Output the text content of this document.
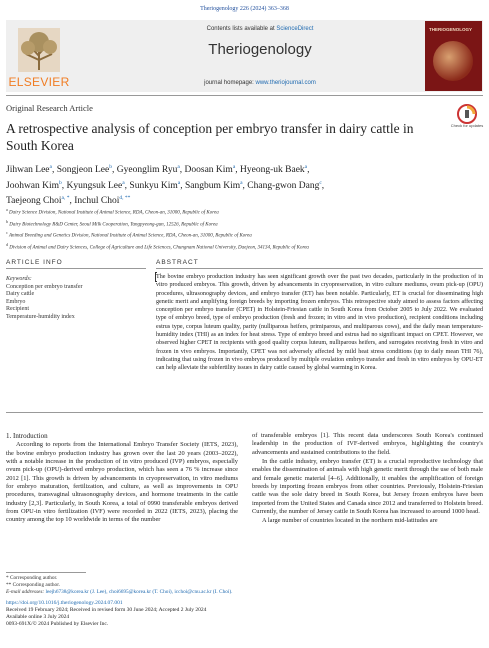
Theriogenology 226 (2024) 363–368
ELSEVIER
Contents lists available at ScienceDirect
Theriogenology
journal homepage: www.theriojournal.com
THERIOGENOLOGY
Original Research Article
Check for updates
A retrospective analysis of conception per embryo transfer in dairy cattle in South Korea
Jihwan Lee$^a$, Songjeon Lee$^b$, Gyeonglim Ryu$^a$, Doosan Kim$^a$, Hyeong-uk Baek$^a$,
Joohwan Kim$^b$, Kyungsuk Lee$^a$, Sunkyu Kim$^a$, Sangbum Kim$^a$, Chang-gwon Dang$^c$,
Taejeong Choi$^{a, *}$, Inchul Choi$^{d, **}$
$^a$ Dairy Science Division, National Institute of Animal Science, RDA, Cheon-an, 31000, Republic of Korea
$^b$ Dairy Biotechnology R&D Center, Seoul Milk Cooperation, Yangpyeong-gun, 12526, Republic of Korea
$^c$ Animal Breeding and Genetics Division, National Institute of Animal Science, RDA, Cheon-an, 31000, Republic of Korea
$^d$ Division of Animal and Dairy Sciences, College of Agriculture and Life Sciences, Chungnam National University, Daejeon, 34134, Republic of Korea
ARTICLE INFO	ABSTRACT
Keywords:
Conception per embryo transfer
Dairy cattle
Embryo
Recipient
Temperature-humidity index
The bovine embryo production industry has seen significant growth over the past two decades, particularly in the production of in vitro produced embryos. This growth, driven by advancements in cryopreservation, in vitro culture mediums, ovum pick-up (OPU) procedures, ultrasonography devices, and embryo transfer (ET) has been notable. Particularly, ET is crucial for disseminating high genetic merit and amplifying foreign breeds by importing frozen embryos. This retrospective study aimed to assess factors affecting conception per embryo transfer (CPET) in Holstein-Friesian cattle in South Korea from October 2005 to July 2022. We evaluated type of embryo breed, type of embryo production (fresh and frozen; in vitro and in vivo production), recipient conditions including estrus type, corpus luteum quality, parity (nulliparous heifers, primiparous, and multiparous cows), and the daily mean temperature-humidity index (THI) as an index for heat stress. Type of embryo breed and estrus had no significant impact on CPET. However, we observed higher CPET in recipients with good quality corpus luteum, nulliparous heifers, and surrogates receiving fresh in vitro and frozen in vivo embryos. Importantly, CPET was not adversely affected by mild heat stress conditions (up to daily mean THI 76), indicating that using frozen in vivo embryos produced by multiple ovulation embryo transfer and fresh in vitro embryos by OPU-ET can help alleviate the subfertility issues in dairy cattle caused by global warming in Korea.

1. Introduction

According to reports from the International Embryo Transfer Society (IETS, 2023), the bovine embryo production industry has grown over the last 20 years (2003–2022), with a notable increase in the production of in vitro produced (IVP) embryos, especially ovum pick-up (OPU)-derived embryo production, which has seen a 76 % increase since 2012 [1]. This growth is driven by advancements in cryopreservation, in vitro mediums for embryo maturation, fertilization, and culture, as well as improvements in OPU procedures, transvaginal ultrasonography devices, and hormone treatments in the cattle industry [2,3]. Particularly, in South Korea, a total of 0990 transferable embryos derived from OPU-in vitro fertilization (IVF) were recorded in 2022 (IETS, 2023), placing the country among the top 10 worldwide in terms of the number

of transferable embryos [1]. This recent data underscores South Korea's continued leadership in the production of IVF-derived embryos, highlighting the country's advancements and sustained contributions to the field.

In the cattle industry, embryo transfer (ET) is a crucial reproductive technology that enables the dissemination of animals with high genetic merit through the use of both male and female genetic material [4–6]. Additionally, it enables the amplification of foreign breeds by importing frozen embryos from other countries. Previously, Holstein-Friesian cattle was the sole dairy breed in South Korea, but Jersey frozen embryos have been imported from the United States and Canada since 2012 and transferred to Holstein breed. Currently, the number of Jersey cattle in South Korea has increased to around 1000 head.

A large number of countries located in the northern mid-latitudes are

* Corresponding author.
** Corresponding author.
E-mail addresses: leejh6738@korea.kr (J. Lee), choi6695@korea.kr (T. Choi), icchoi@cnu.ac.kr (I. Choi).
https://doi.org/10.1016/j.theriogenology.2024.07.001
Received 19 February 2024; Received in revised form 30 June 2024; Accepted 2 July 2024
Available online 3 July 2024
0093-691X/© 2024 Published by Elsevier Inc.
